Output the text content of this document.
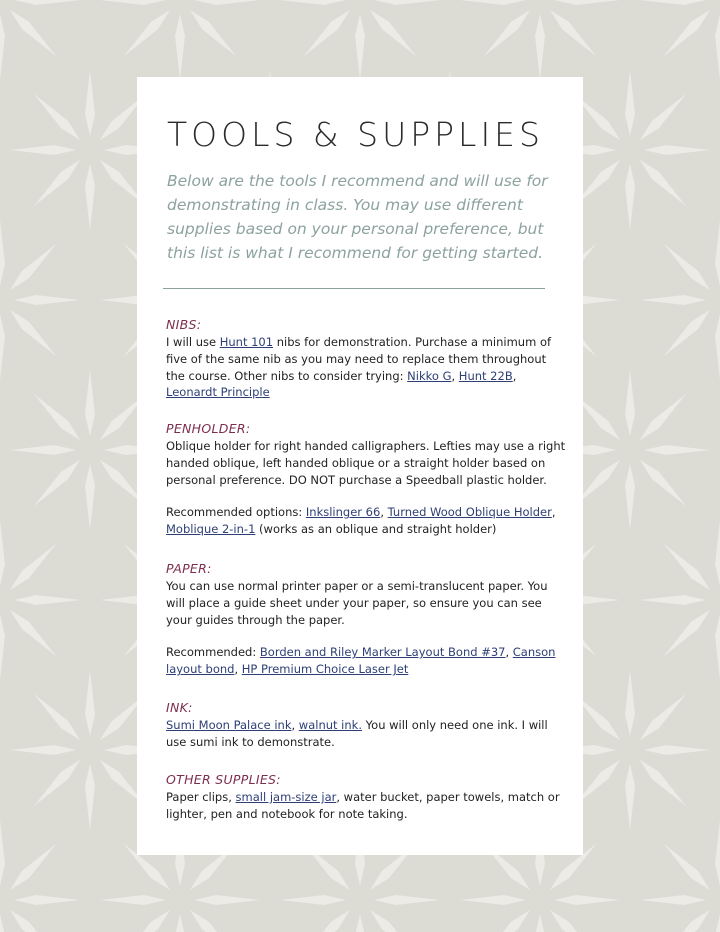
TOOLS & SUPPLIES

Below are the tools I recommend and will use for demonstrating in class. You may use different supplies based on your personal preference, but this list is what I recommend for getting started.

NIBS:

I will use Hunt 101 nibs for demonstration. Purchase a minimum of five of the same nib as you may need to replace them throughout the course. Other nibs to consider trying: Nikko G, Hunt 22B, Leonardt Principle

PENHOLDER:

Oblique holder for right handed calligraphers. Lefties may use a right handed oblique, left handed oblique or a straight holder based on personal preference. DO NOT purchase a Speedball plastic holder.

Recommended options: Inkslinger 66, Turned Wood Oblique Holder, Moblique 2-in-1 (works as an oblique and straight holder)

PAPER:

You can use normal printer paper or a semi-translucent paper. You will place a guide sheet under your paper, so ensure you can see your guides through the paper.

Recommended: Borden and Riley Marker Layout Bond #37, Canson layout bond, HP Premium Choice Laser Jet

INK:

Sumi Moon Palace ink, walnut ink. You will only need one ink. I will use sumi ink to demonstrate.

OTHER SUPPLIES:

Paper clips, small jam-size jar, water bucket, paper towels, match or lighter, pen and notebook for note taking.
